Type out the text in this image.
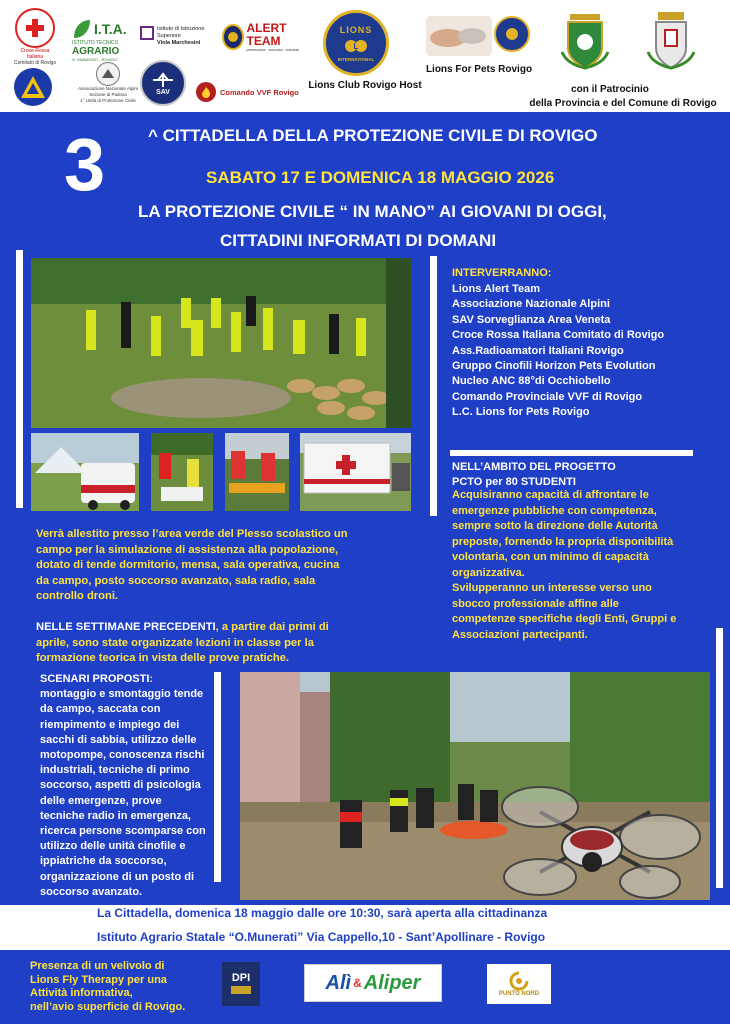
Croce Rossa Italiana
Comitato di Rovigo
I.T.A.
ISTITUTO TECNICO
AGRARIO
O. MUNERATI - ROVIGO
Istituto di Istruzione
Superiore
Viola Marchesini
Associazione Nazionale Alpini
Sezione di Padova
1° Unità di Protezione Civile
SAV
ALERT TEAM
prevenzione · soccorso · volontari
Comando VVF Rovigo
LIONS
L
INTERNATIONAL
Lions Club Rovigo Host
Lions For Pets Rovigo
con il Patrocinio
della Provincia e del Comune di Rovigo
3	^ CITTADELLA DELLA PROTEZIONE CIVILE DI ROVIGO
SABATO 17 E DOMENICA 18 MAGGIO 2026
LA PROTEZIONE CIVILE “ IN MANO” AI GIOVANI DI OGGI,
CITTADINI INFORMATI DI DOMANI
INTERVERRANNO:
Lions Alert Team
Associazione Nazionale Alpini
SAV Sorveglianza Area Veneta
Croce Rossa Italiana Comitato di Rovigo
Ass.Radioamatori Italiani Rovigo
Gruppo Cinofili Horizon Pets Evolution
Nucleo ANC 88°di Occhiobello
Comando Provinciale VVF di Rovigo
L.C. Lions for Pets Rovigo
NELL’AMBITO DEL PROGETTO
PCTO per 80 STUDENTI
Acquisiranno capacità di affrontare le
emergenze pubbliche con competenza,
sempre sotto la direzione delle Autorità
preposte, fornendo la propria disponibilità
volontaria, con un minimo di capacità
organizzativa.
Svilupperanno un interesse verso uno
sbocco professionale affine alle
competenze specifiche degli Enti, Gruppi e
Associazioni partecipanti.
Verrà allestito presso l’area verde del Plesso scolastico un
campo per la simulazione di assistenza alla popolazione,
dotato di tende dormitorio, mensa, sala operativa, cucina
da campo, posto soccorso avanzato, sala radio, sala
controllo droni.
NELLE SETTIMANE PRECEDENTI, a partire dai primi di
aprile, sono state organizzate lezioni in classe per la
formazione teorica in vista delle prove pratiche.
SCENARI PROPOSTI:
montaggio e smontaggio tende
da campo, saccata con
riempimento e impiego dei
sacchi di sabbia, utilizzo delle
motopompe, conoscenza rischi
industriali, tecniche di primo
soccorso, aspetti di psicologia
delle emergenze, prove
tecniche radio in emergenza,
ricerca persone scomparse con
utilizzo delle unità cinofile e
ippiatriche da soccorso,
organizzazione di un posto di
soccorso avanzato.
La Cittadella, domenica 18 maggio dalle ore 10:30, sarà aperta alla cittadinanza
Istituto Agrario Statale “O.Munerati” Via Cappello,10 - Sant’Apollinare - Rovigo
Presenza di un velivolo di
Lions Fly Therapy per una
Attività informativa,
nell’avio superficie di Rovigo.
DPI	Alì & Aliper
PUNTO NORD
